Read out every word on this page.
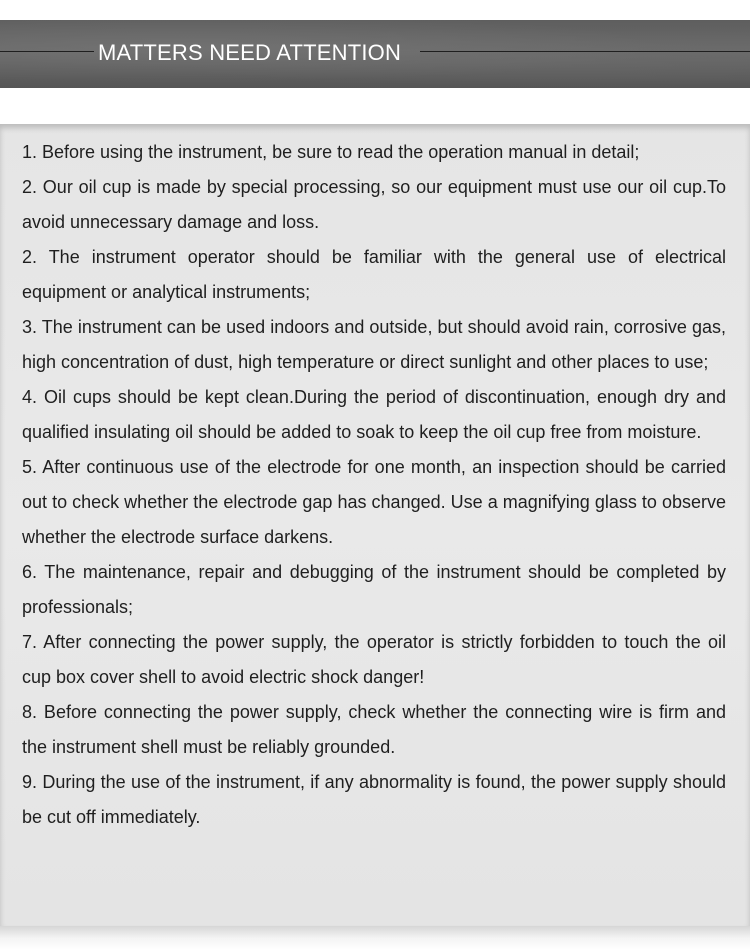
MATTERS NEED ATTENTION
1. Before using the instrument, be sure to read the operation manual in detail;
2. Our oil cup is made by special processing, so our equipment must use our oil cup.To avoid unnecessary damage and loss.
2. The instrument operator should be familiar with the general use of electrical equipment or analytical instruments;
3. The instrument can be used indoors and outside, but should avoid rain, corrosive gas, high concentration of dust, high temperature or direct sunlight and other places to use;
4. Oil cups should be kept clean.During the period of discontinuation, enough dry and qualified insulating oil should be added to soak to keep the oil cup free from moisture.
5. After continuous use of the electrode for one month, an inspection should be carried out to check whether the electrode gap has changed. Use a magnifying glass to observe whether the electrode surface darkens.
6. The maintenance, repair and debugging of the instrument should be completed by professionals;
7. After connecting the power supply, the operator is strictly forbidden to touch the oil cup box cover shell to avoid electric shock danger!
8. Before connecting the power supply, check whether the connecting wire is firm and the instrument shell must be reliably grounded.
9. During the use of the instrument, if any abnormality is found, the power supply should be cut off immediately.
